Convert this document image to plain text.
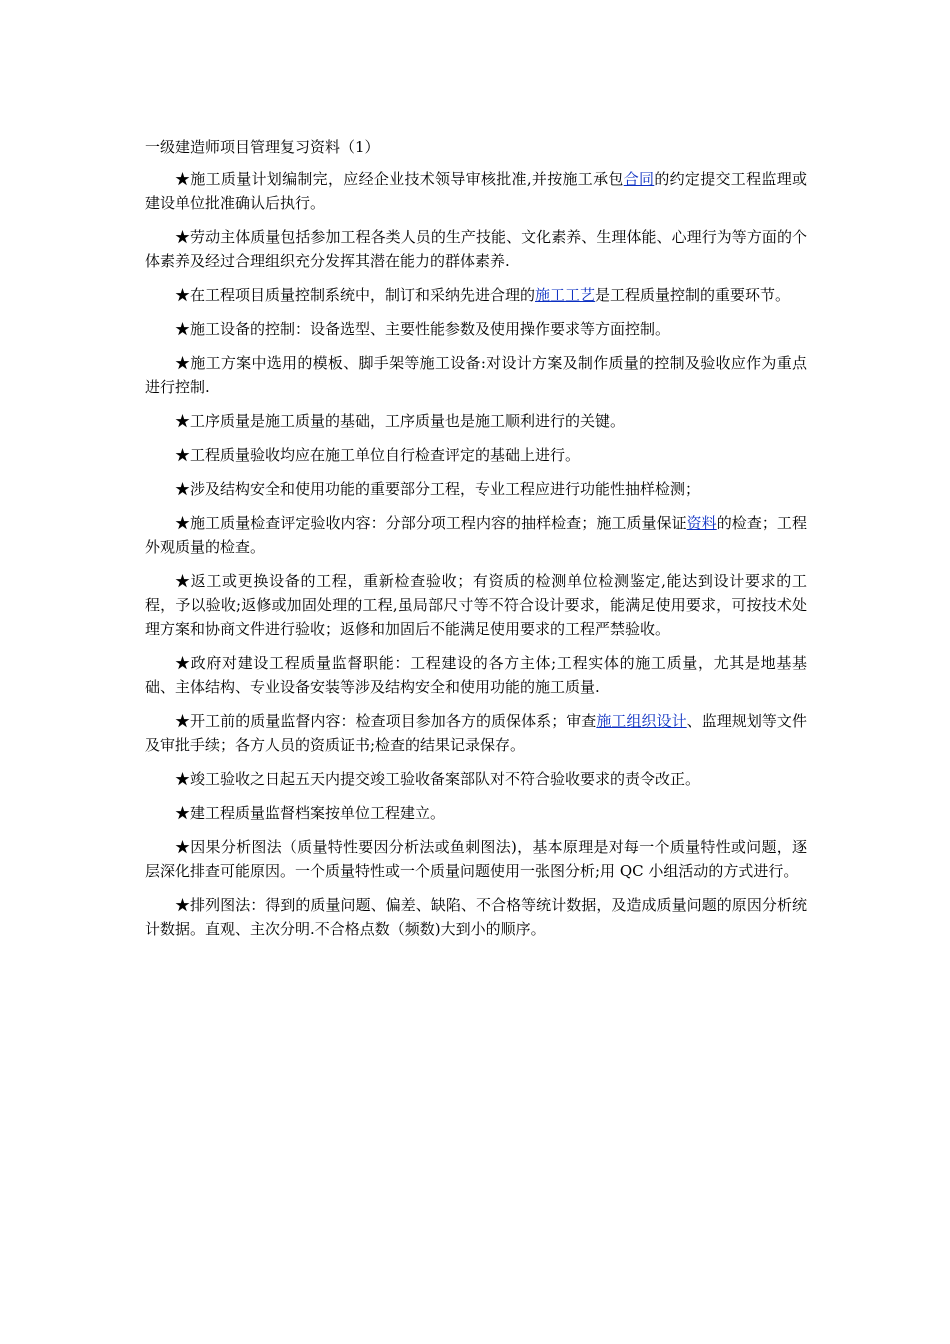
一级建造师项目管理复习资料（1）

★施工质量计划编制完，应经企业技术领导审核批准,并按施工承包合同的约定提交工程监理或建设单位批准确认后执行。

★劳动主体质量包括参加工程各类人员的生产技能、文化素养、生理体能、心理行为等方面的个体素养及经过合理组织充分发挥其潜在能力的群体素养.

★在工程项目质量控制系统中，制订和采纳先进合理的施工工艺是工程质量控制的重要环节。

★施工设备的控制：设备选型、主要性能参数及使用操作要求等方面控制。

★施工方案中选用的模板、脚手架等施工设备:对设计方案及制作质量的控制及验收应作为重点进行控制.

★工序质量是施工质量的基础，工序质量也是施工顺利进行的关键。

★工程质量验收均应在施工单位自行检查评定的基础上进行。

★涉及结构安全和使用功能的重要部分工程，专业工程应进行功能性抽样检测；

★施工质量检查评定验收内容：分部分项工程内容的抽样检查；施工质量保证资料的检查；工程外观质量的检查。

★返工或更换设备的工程，重新检查验收；有资质的检测单位检测鉴定,能达到设计要求的工程，予以验收;返修或加固处理的工程,虽局部尺寸等不符合设计要求，能满足使用要求，可按技术处理方案和协商文件进行验收；返修和加固后不能满足使用要求的工程严禁验收。

★政府对建设工程质量监督职能：工程建设的各方主体;工程实体的施工质量，尤其是地基基础、主体结构、专业设备安装等涉及结构安全和使用功能的施工质量.

★开工前的质量监督内容：检查项目参加各方的质保体系；审查施工组织设计、监理规划等文件及审批手续；各方人员的资质证书;检查的结果记录保存。

★竣工验收之日起五天内提交竣工验收备案部队对不符合验收要求的责令改正。

★建工程质量监督档案按单位工程建立。

★因果分析图法（质量特性要因分析法或鱼刺图法)，基本原理是对每一个质量特性或问题，逐层深化排查可能原因。一个质量特性或一个质量问题使用一张图分析;用 QC 小组活动的方式进行。

★排列图法：得到的质量问题、偏差、缺陷、不合格等统计数据，及造成质量问题的原因分析统计数据。直观、主次分明.不合格点数（频数)大到小的顺序。
